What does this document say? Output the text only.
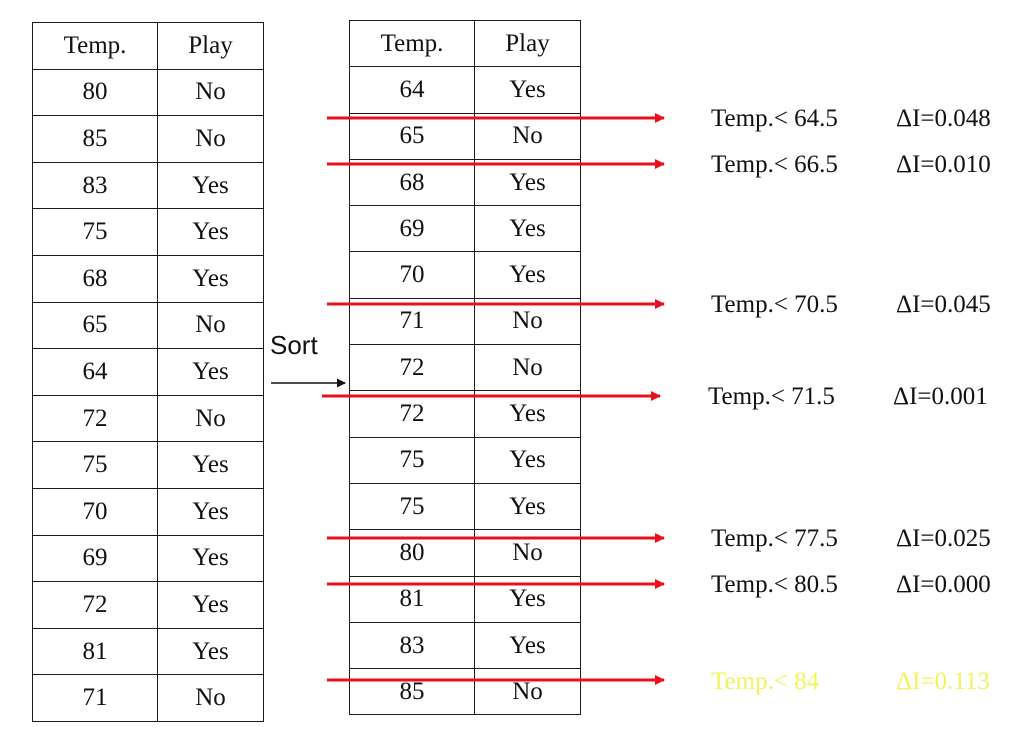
Temp.	Play
80	No
85	No
83	Yes
75	Yes
68	Yes
65	No
64	Yes
72	No
75	Yes
70	Yes
69	Yes
72	Yes
81	Yes
71	No
Sort
Temp.	Play
64	Yes
65	No
68	Yes
69	Yes
70	Yes
71	No
72	No
72	Yes
75	Yes
75	Yes
80	No
81	Yes
83	Yes
85	No
Temp.< 64.5 ΔI=0.048
Temp.< 66.5 ΔI=0.010
Temp.< 70.5 ΔI=0.045
Temp.< 71.5 ΔI=0.001
Temp.< 77.5 ΔI=0.025
Temp.< 80.5 ΔI=0.000
Temp.< 84	ΔI=0.113
